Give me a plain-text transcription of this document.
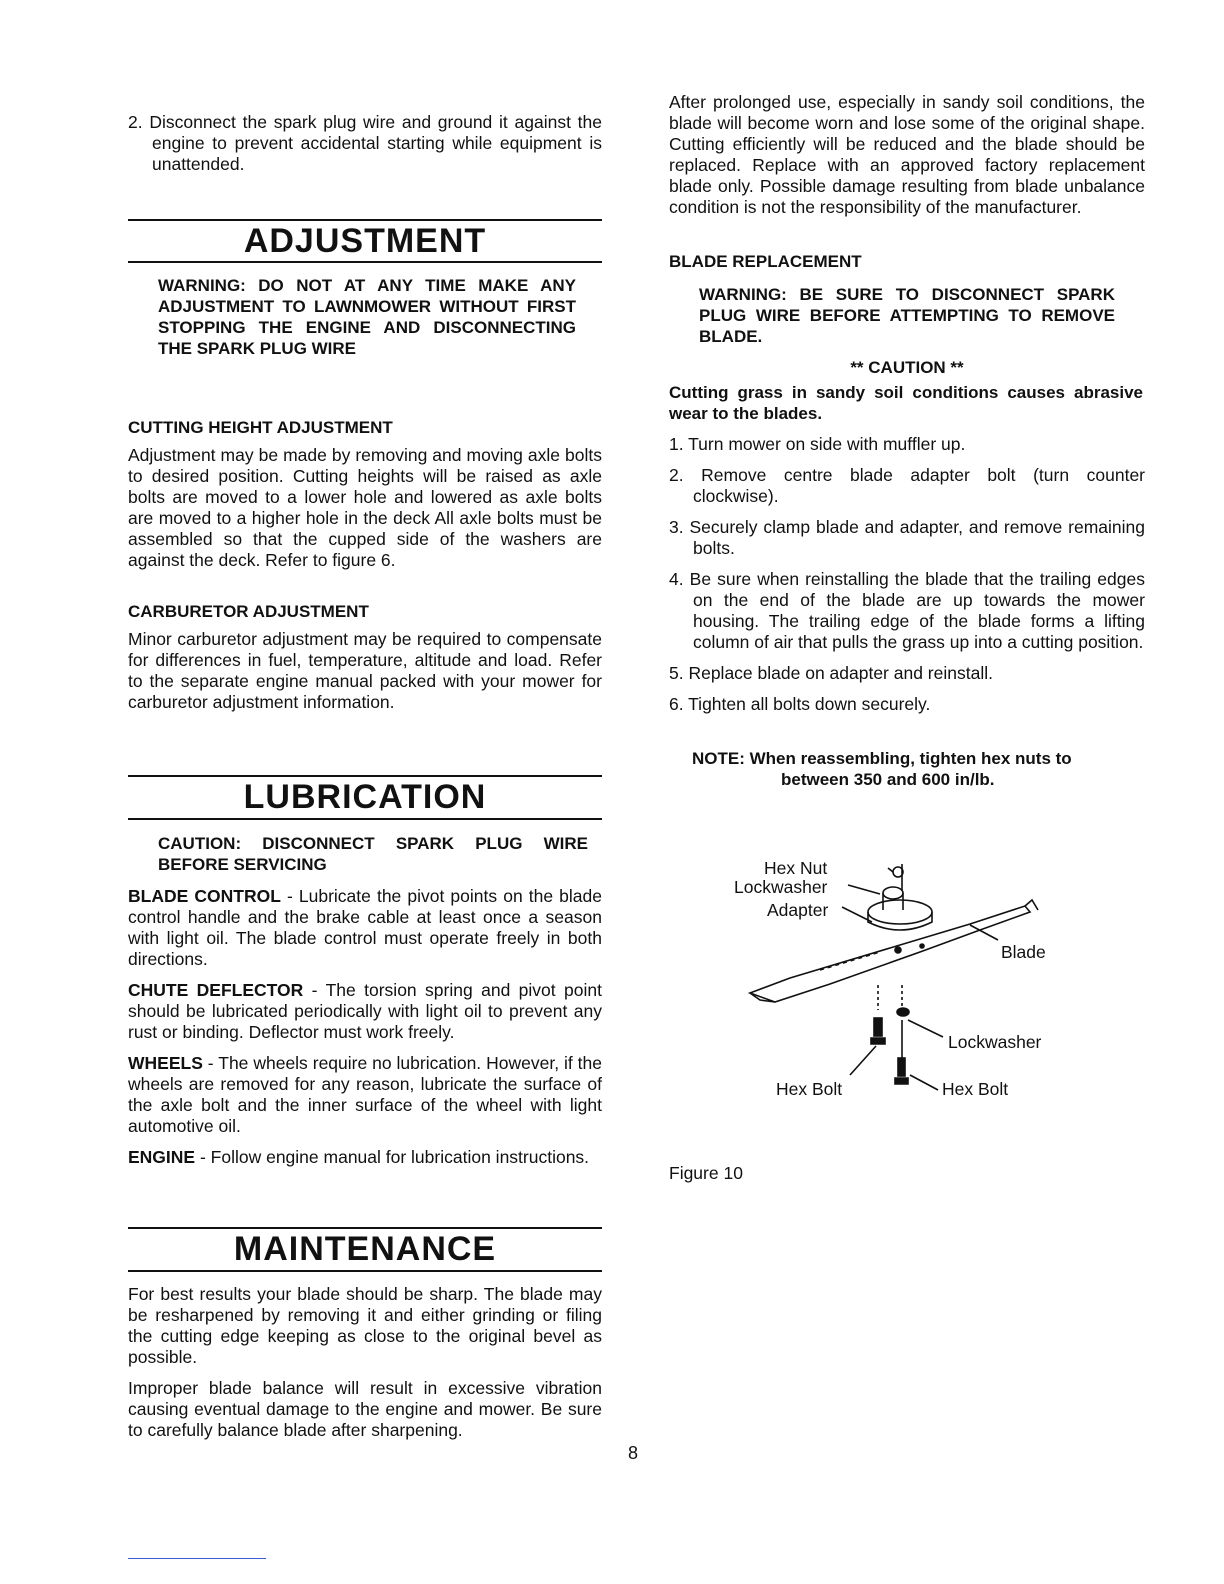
2. Disconnect the spark plug wire and ground it against the engine to prevent accidental starting while equipment is unattended.

ADJUSTMENT
WARNING: DO NOT AT ANY TIME MAKE ANY ADJUSTMENT TO LAWNMOWER WITHOUT FIRST STOPPING THE ENGINE AND DISCONNECTING THE SPARK PLUG WIRE
CUTTING HEIGHT ADJUSTMENT

Adjustment may be made by removing and moving axle bolts to desired position. Cutting heights will be raised as axle bolts are moved to a lower hole and lowered as axle bolts are moved to a higher hole in the deck All axle bolts must be assembled so that the cupped side of the washers are against the deck. Refer to figure 6.

CARBURETOR ADJUSTMENT

Minor carburetor adjustment may be required to compensate for differences in fuel, temperature, altitude and load. Refer to the separate engine manual packed with your mower for carburetor adjustment information.

LUBRICATION
CAUTION: DISCONNECT SPARK PLUG WIRE BEFORE SERVICING

BLADE CONTROL - Lubricate the pivot points on the blade control handle and the brake cable at least once a season with light oil. The blade control must operate freely in both directions.

CHUTE DEFLECTOR - The torsion spring and pivot point should be lubricated periodically with light oil to prevent any rust or binding. Deflector must work freely.

WHEELS - The wheels require no lubrication. However, if the wheels are removed for any reason, lubricate the surface of the axle bolt and the inner surface of the wheel with light automotive oil.

ENGINE - Follow engine manual for lubrication instructions.

MAINTENANCE

For best results your blade should be sharp. The blade may be resharpened by removing it and either grinding or filing the cutting edge keeping as close to the original bevel as possible.

Improper blade balance will result in excessive vibration causing eventual damage to the engine and mower. Be sure to carefully balance blade after sharpening.

After prolonged use, especially in sandy soil conditions, the blade will become worn and lose some of the original shape. Cutting efficiently will be reduced and the blade should be replaced. Replace with an approved factory replacement blade only. Possible damage resulting from blade unbalance condition is not the responsibility of the manufacturer.

BLADE REPLACEMENT
WARNING: BE SURE TO DISCONNECT SPARK PLUG WIRE BEFORE ATTEMPTING TO REMOVE BLADE.
** CAUTION **
Cutting grass in sandy soil conditions causes abrasive wear to the blades.

1. Turn mower on side with muffler up.

2. Remove centre blade adapter bolt (turn counter clockwise).

3. Securely clamp blade and adapter, and remove remaining bolts.

4. Be sure when reinstalling the blade that the trailing edges on the end of the blade are up towards the mower housing. The trailing edge of the blade forms a lifting column of air that pulls the grass up into a cutting position.

5. Replace blade on adapter and reinstall.

6. Tighten all bolts down securely.

NOTE: When reassembling, tighten hex nuts to
between 350 and 600 in/lb.
Hex Nut
Lockwasher
Adapter
Blade
Lockwasher
Hex Bolt	Hex Bolt
Figure 10
8
